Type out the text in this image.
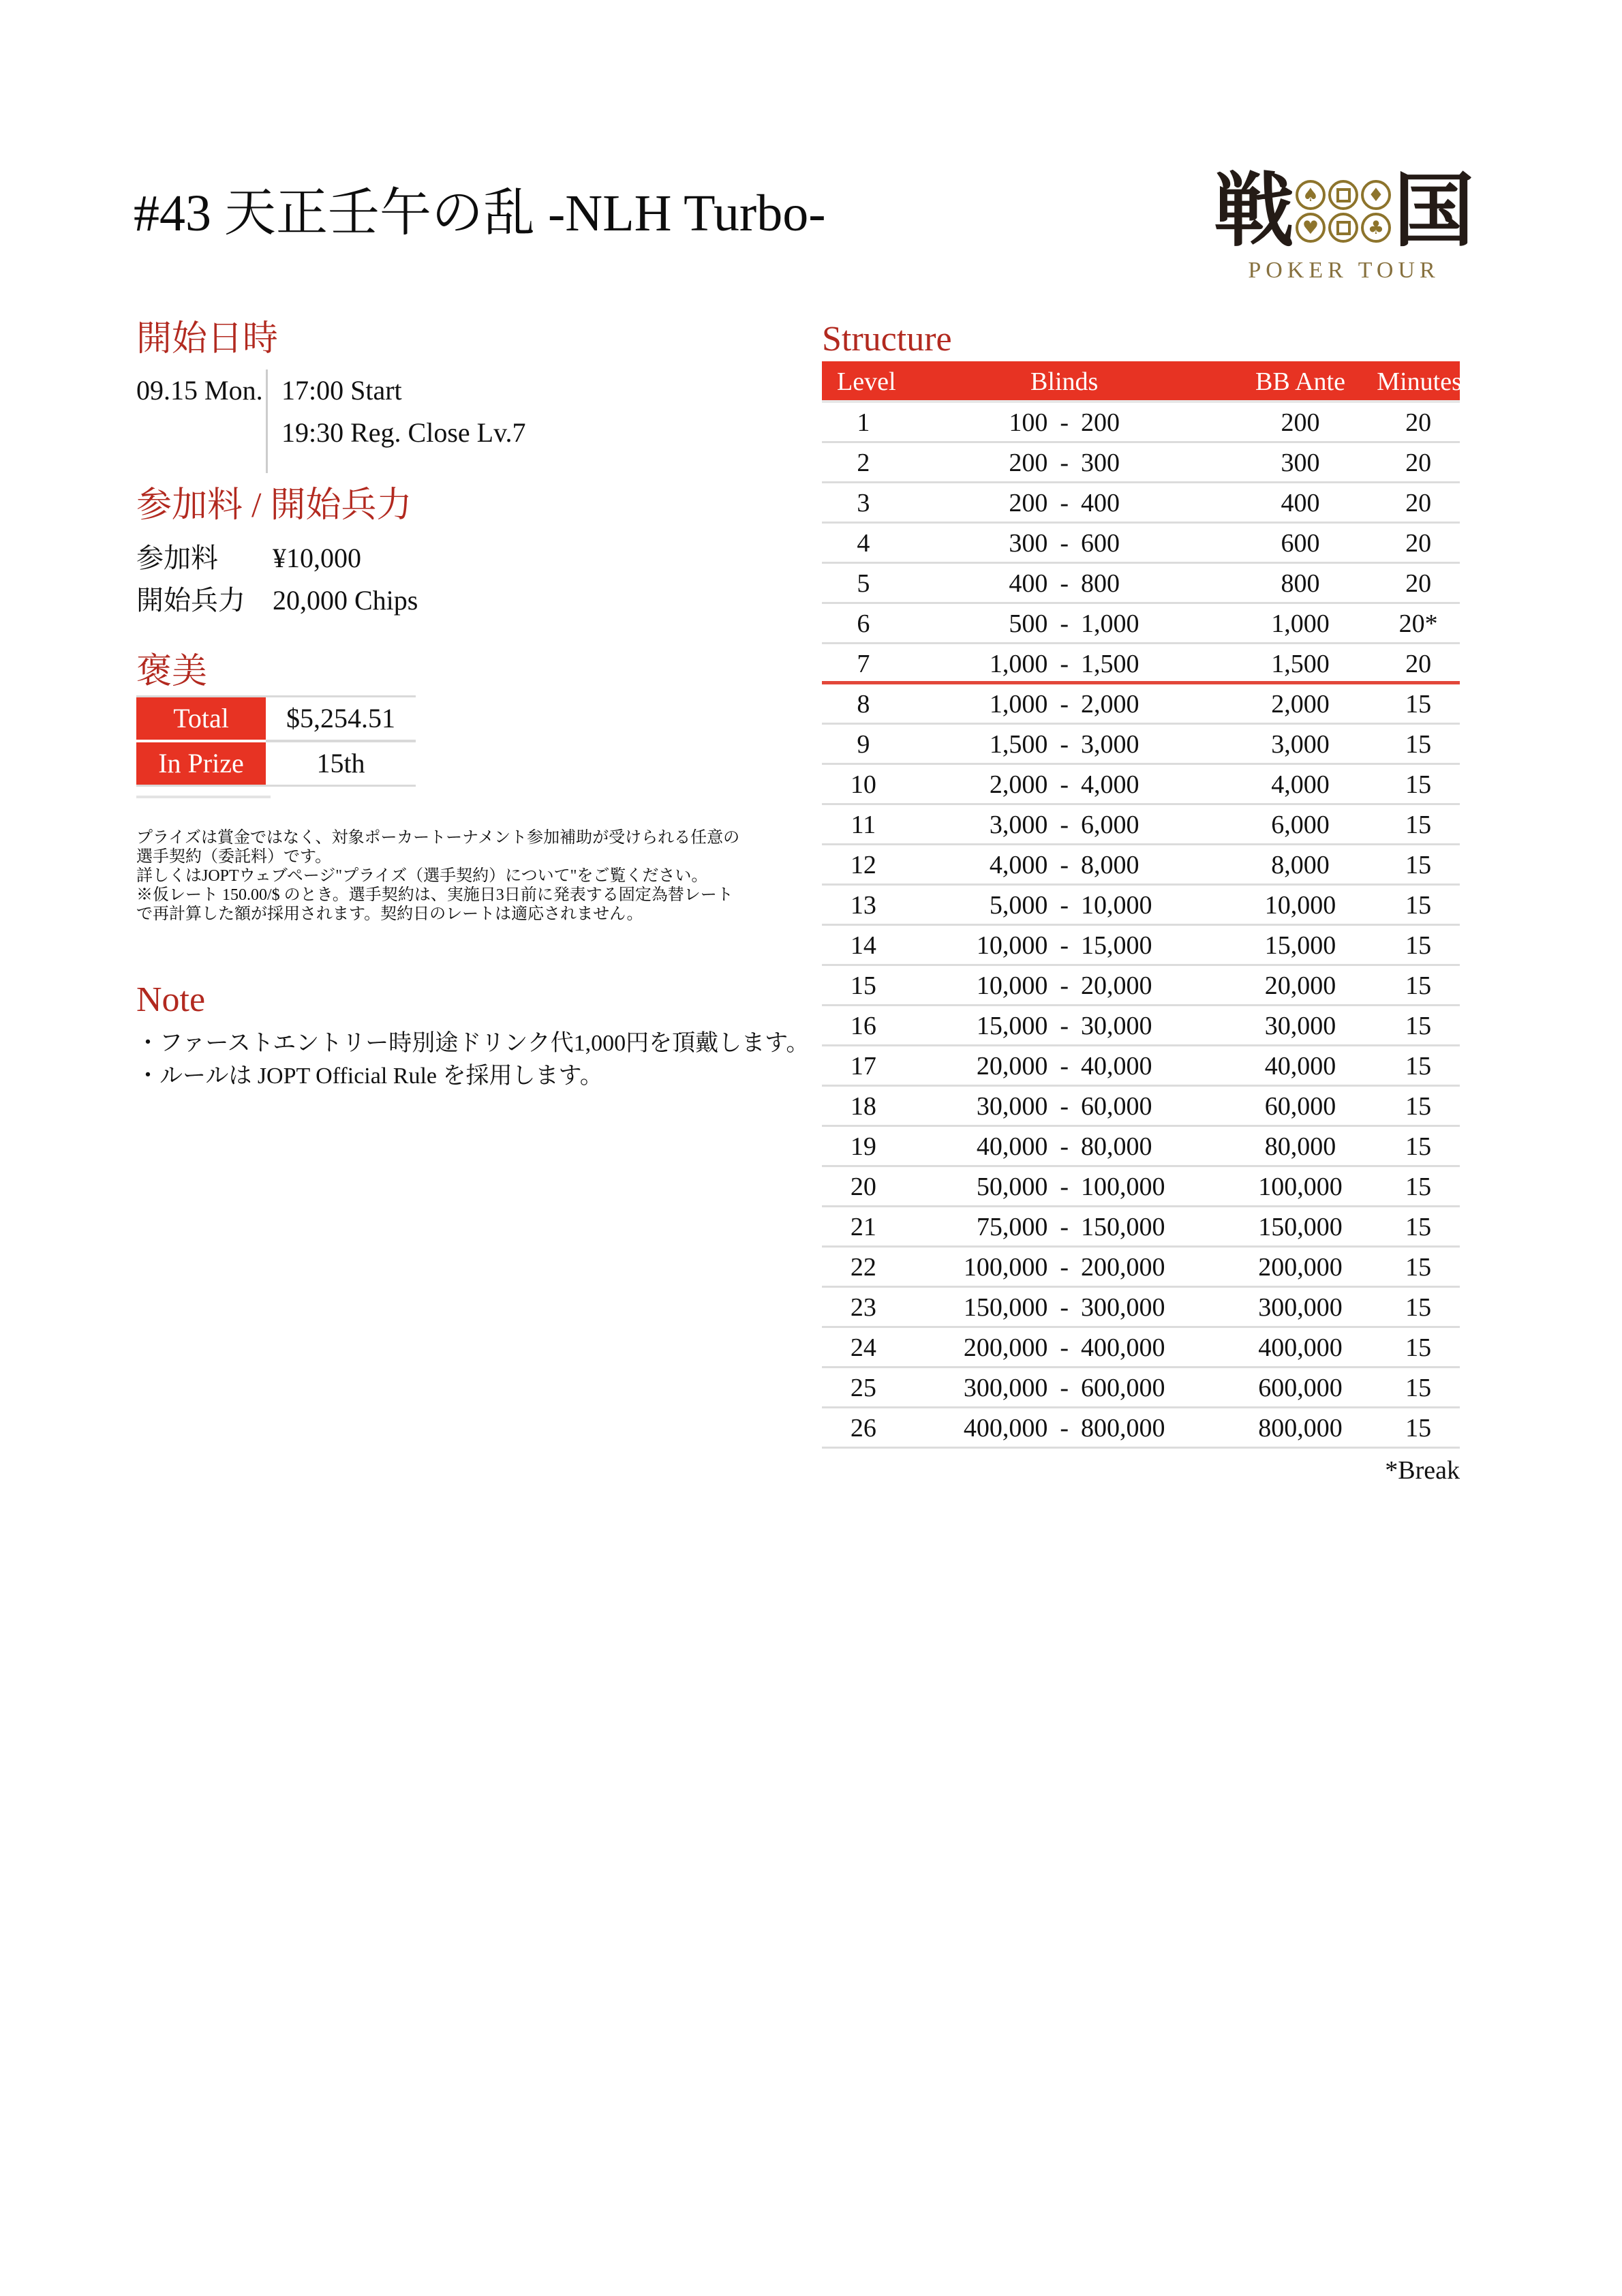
#43 天正壬午の乱 -NLH Turbo-	戦 ♠	♦
♥	♣ 国
POKER TOUR
開始日時
09.15 Mon. 17:00 Start
19:30 Reg. Close Lv.7
参加料 / 開始兵力
参加料	¥10,000
開始兵力	20,000 Chips
褒美
Total	$5,254.51
In Prize	15th
プライズは賞金ではなく、対象ポーカートーナメント参加補助が受けられる任意の
選手契約（委託料）です。
詳しくはJOPTウェブページ"プライズ（選手契約）について"をご覧ください。
※仮レート 150.00/$ のとき。選手契約は、実施日3日前に発表する固定為替レート
で再計算した額が採用されます。契約日のレートは適応されません。
Note
・ファーストエントリー時別途ドリンク代1,000円を頂戴します。
・ルールは JOPT Official Rule を採用します。
Structure
Level	Blinds	BB Ante	Minutes
1	100 - 200	200	20
2	200 - 300	300	20
3	200 - 400	400	20
4	300 - 600	600	20
5	400 - 800	800	20
6	500 - 1,000	1,000	20*
7	1,000 - 1,500	1,500	20
8	1,000 - 2,000	2,000	15
9	1,500 - 3,000	3,000	15
10	2,000 - 4,000	4,000	15
11	3,000 - 6,000	6,000	15
12	4,000 - 8,000	8,000	15
13	5,000 - 10,000	10,000	15
14	10,000 - 15,000	15,000	15
15	10,000 - 20,000	20,000	15
16	15,000 - 30,000	30,000	15
17	20,000 - 40,000	40,000	15
18	30,000 - 60,000	60,000	15
19	40,000 - 80,000	80,000	15
20	50,000 - 100,000	100,000	15
21	75,000 - 150,000	150,000	15
22	100,000 - 200,000	200,000	15
23	150,000 - 300,000	300,000	15
24	200,000 - 400,000	400,000	15
25	300,000 - 600,000	600,000	15
26	400,000 - 800,000	800,000	15
*Break
